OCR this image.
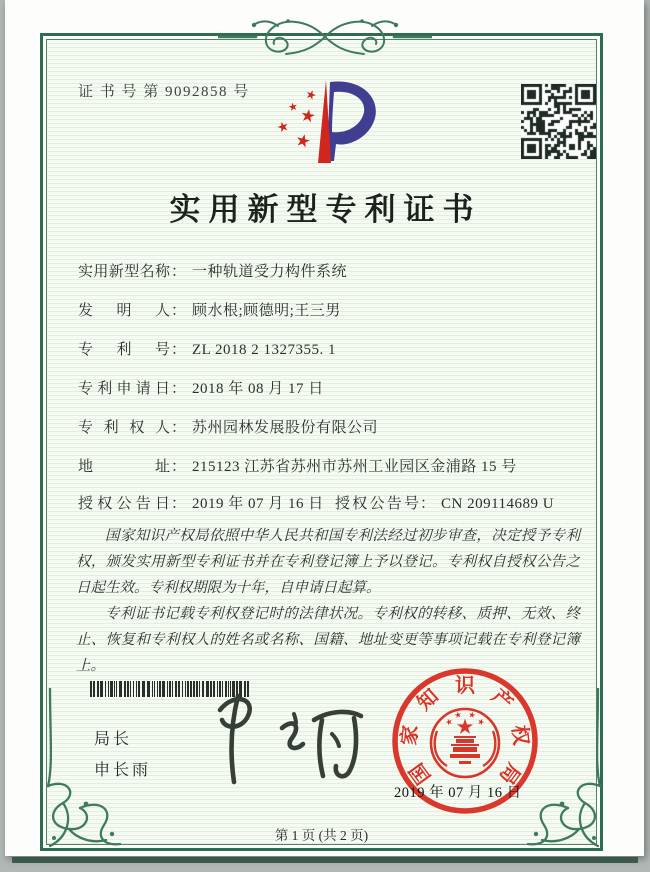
证 书 号 第 9092858 号
实用新型专利证书
实用新型名称： 一种轨道受力构件系统
发明人： 顾水根;顾德明;王三男
专利号： ZL 2018 2 1327355. 1
专利申请日： 2018 年 08 月 17 日
专利权人： 苏州园林发展股份有限公司
地址： 215123 江苏省苏州市苏州工业园区金浦路 15 号
授权公告日： 2019 年 07 月 16 日 授权公告号： CN 209114689 U

国家知识产权局依照中华人民共和国专利法经过初步审查，决定授予专利权，颁发实用新型专利证书并在专利登记簿上予以登记。专利权自授权公告之日起生效。专利权期限为十年，自申请日起算。

专利证书记载专利权登记时的法律状况。专利权的转移、质押、无效、终止、恢复和专利权人的姓名或名称、国籍、地址变更等事项记载在专利登记簿上。

局长
申长雨	国
家
知 识 产
权
局
2019 年 07 月 16 日
第 1 页 (共 2 页)
